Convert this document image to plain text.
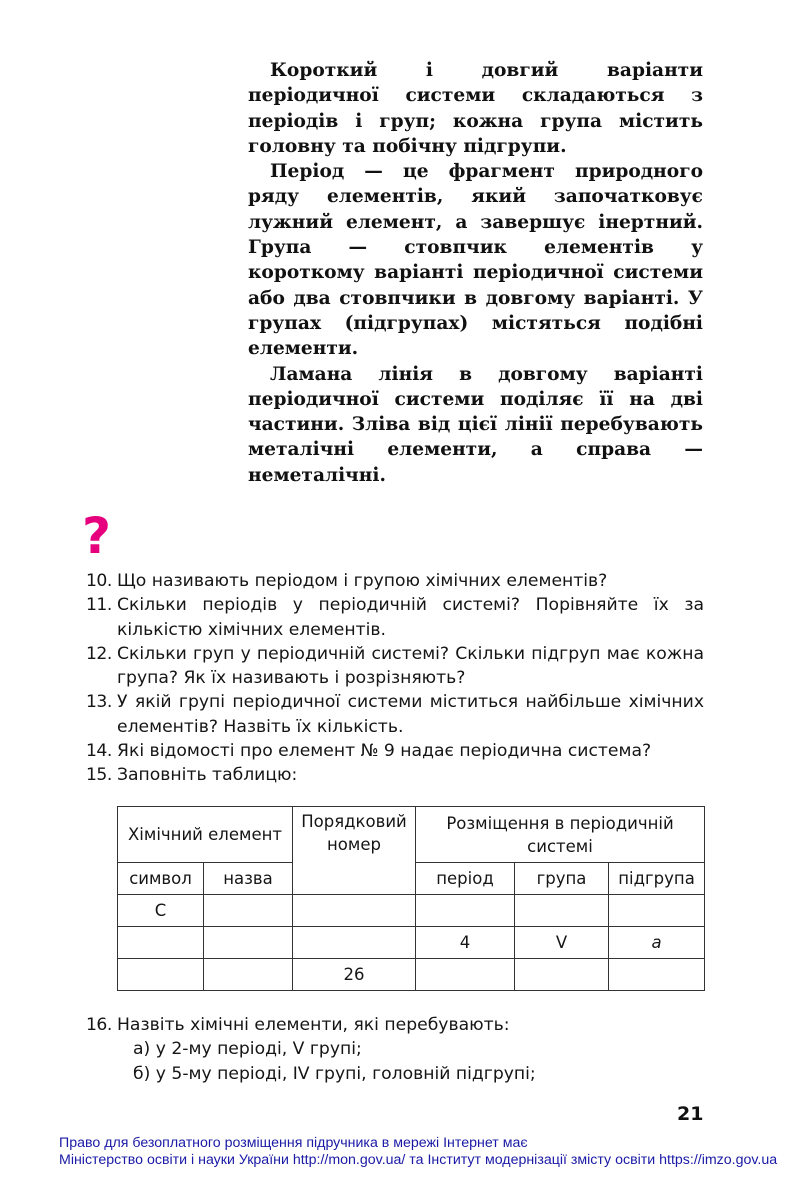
Короткий і довгий варіанти періодичної системи складаються з періодів і груп; кожна група містить головну та побічну підгрупи.

Період — це фрагмент природного ряду елементів, який започатковує лужний елемент, а завершує інертний. Група — стовпчик елементів у короткому варіанті періодичної системи або два стовпчики в довгому варіанті. У групах (підгрупах) містяться подібні елементи.

Ламана лінія в довгому варіанті періодичної системи поділяє її на дві частини. Зліва від цієї лінії перебувають металічні елементи, а справа — неметалічні.

?
10. Що називають періодом і групою хімічних елементів?
11. Скільки періодів у періодичній системі? Порівняйте їх за кількістю хімічних елементів.
12. Скільки груп у періодичній системі? Скільки підгруп має кожна група? Як їх називають і розрізняють?
13. У якій групі періодичної системи міститься найбільше хімічних елементів? Назвіть їх кількість.
14. Які відомості про елемент № 9 надає періодична система?
15. Заповніть таблицю:
Хімічний елемент		Порядковий номер	Розміщення в періодичній системі		
символ	назва		період	група	підгрупа
C					
			4	V	a
		26			
16. Назвіть хімічні елементи, які перебувають:
а) у 2-му періоді, V групі;
б) у 5-му періоді, IV групі, головній підгрупі;
21
Право для безоплатного розміщення підручника в мережі Інтернет має
Міністерство освіти і науки України http://mon.gov.ua/ та Інститут модернізації змісту освіти https://imzo.gov.ua
